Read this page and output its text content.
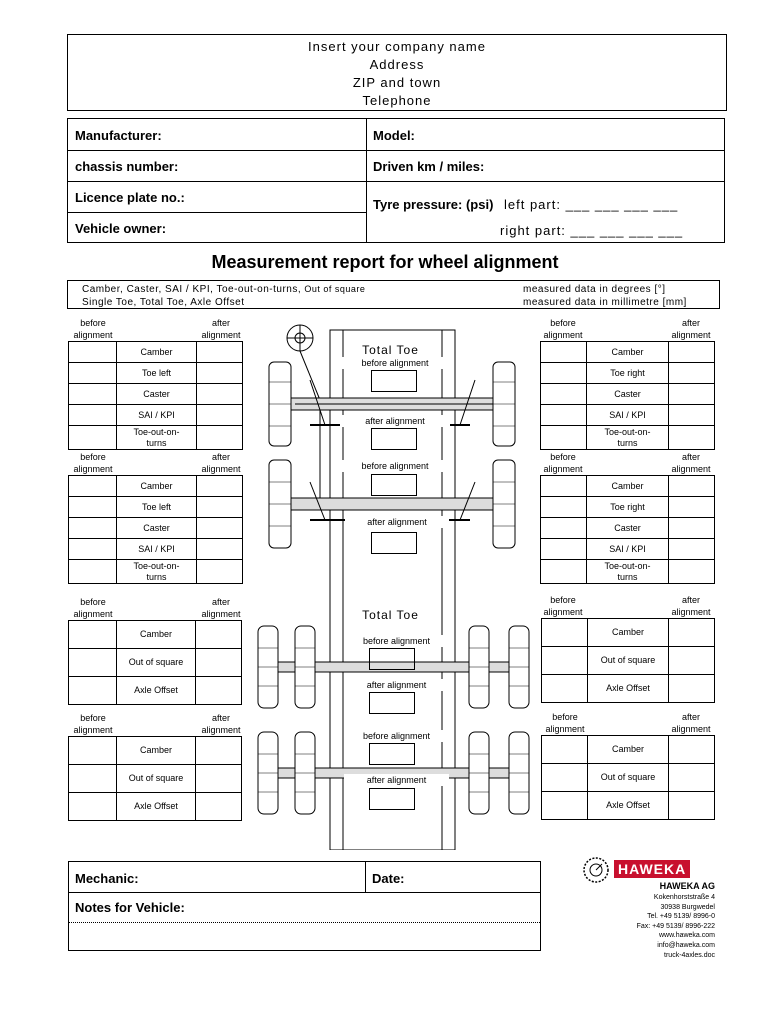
Insert your company name
Address
ZIP and town
Telephone
Manufacturer:	Model:
chassis number:	Driven km / miles:
Licence plate no.:
Vehicle owner:
Tyre pressure: (psi) left part: ___ ___ ___ ___
right part: ___ ___ ___ ___
Measurement report for wheel alignment
Camber, Caster, SAI / KPI, Toe-out-on-turns, Out of square
Single Toe, Total Toe, Axle Offset
measured data in degrees [°]
measured data in millimetre [mm]
Total Toe
before alignment
after alignment
before alignment
after alignment
Total Toe
before alignment
after alignment
before alignment
after alignment
before
alignment
after
alignment
	Camber	
	Toe left	
	Caster	
	SAI / KPI	
	Toe-out-on-turns	
before
alignment
after
alignment
	Camber	
	Toe left	
	Caster	
	SAI / KPI	
	Toe-out-on-turns	
before
alignment
after
alignment
	Camber	
	Out of square	
	Axle Offset	
before
alignment
after
alignment
	Camber	
	Out of square	
	Axle Offset	
before
alignment
after
alignment
	Camber	
	Toe right	
	Caster	
	SAI / KPI	
	Toe-out-on-turns	
before
alignment
after
alignment
	Camber	
	Toe right	
	Caster	
	SAI / KPI	
	Toe-out-on-turns	
before
alignment
after
alignment
	Camber	
	Out of square	
	Axle Offset	
before
alignment
after
alignment
	Camber	
	Out of square	
	Axle Offset	
Mechanic:	Date:
Notes for Vehicle:
HAWEKA
HAWEKA AG
Kokenhorststraße 4
30938 Burgwedel
Tel. +49 5139/ 8996-0
Fax: +49 5139/ 8996-222
www.haweka.com
info@haweka.com
truck-4axles.doc
